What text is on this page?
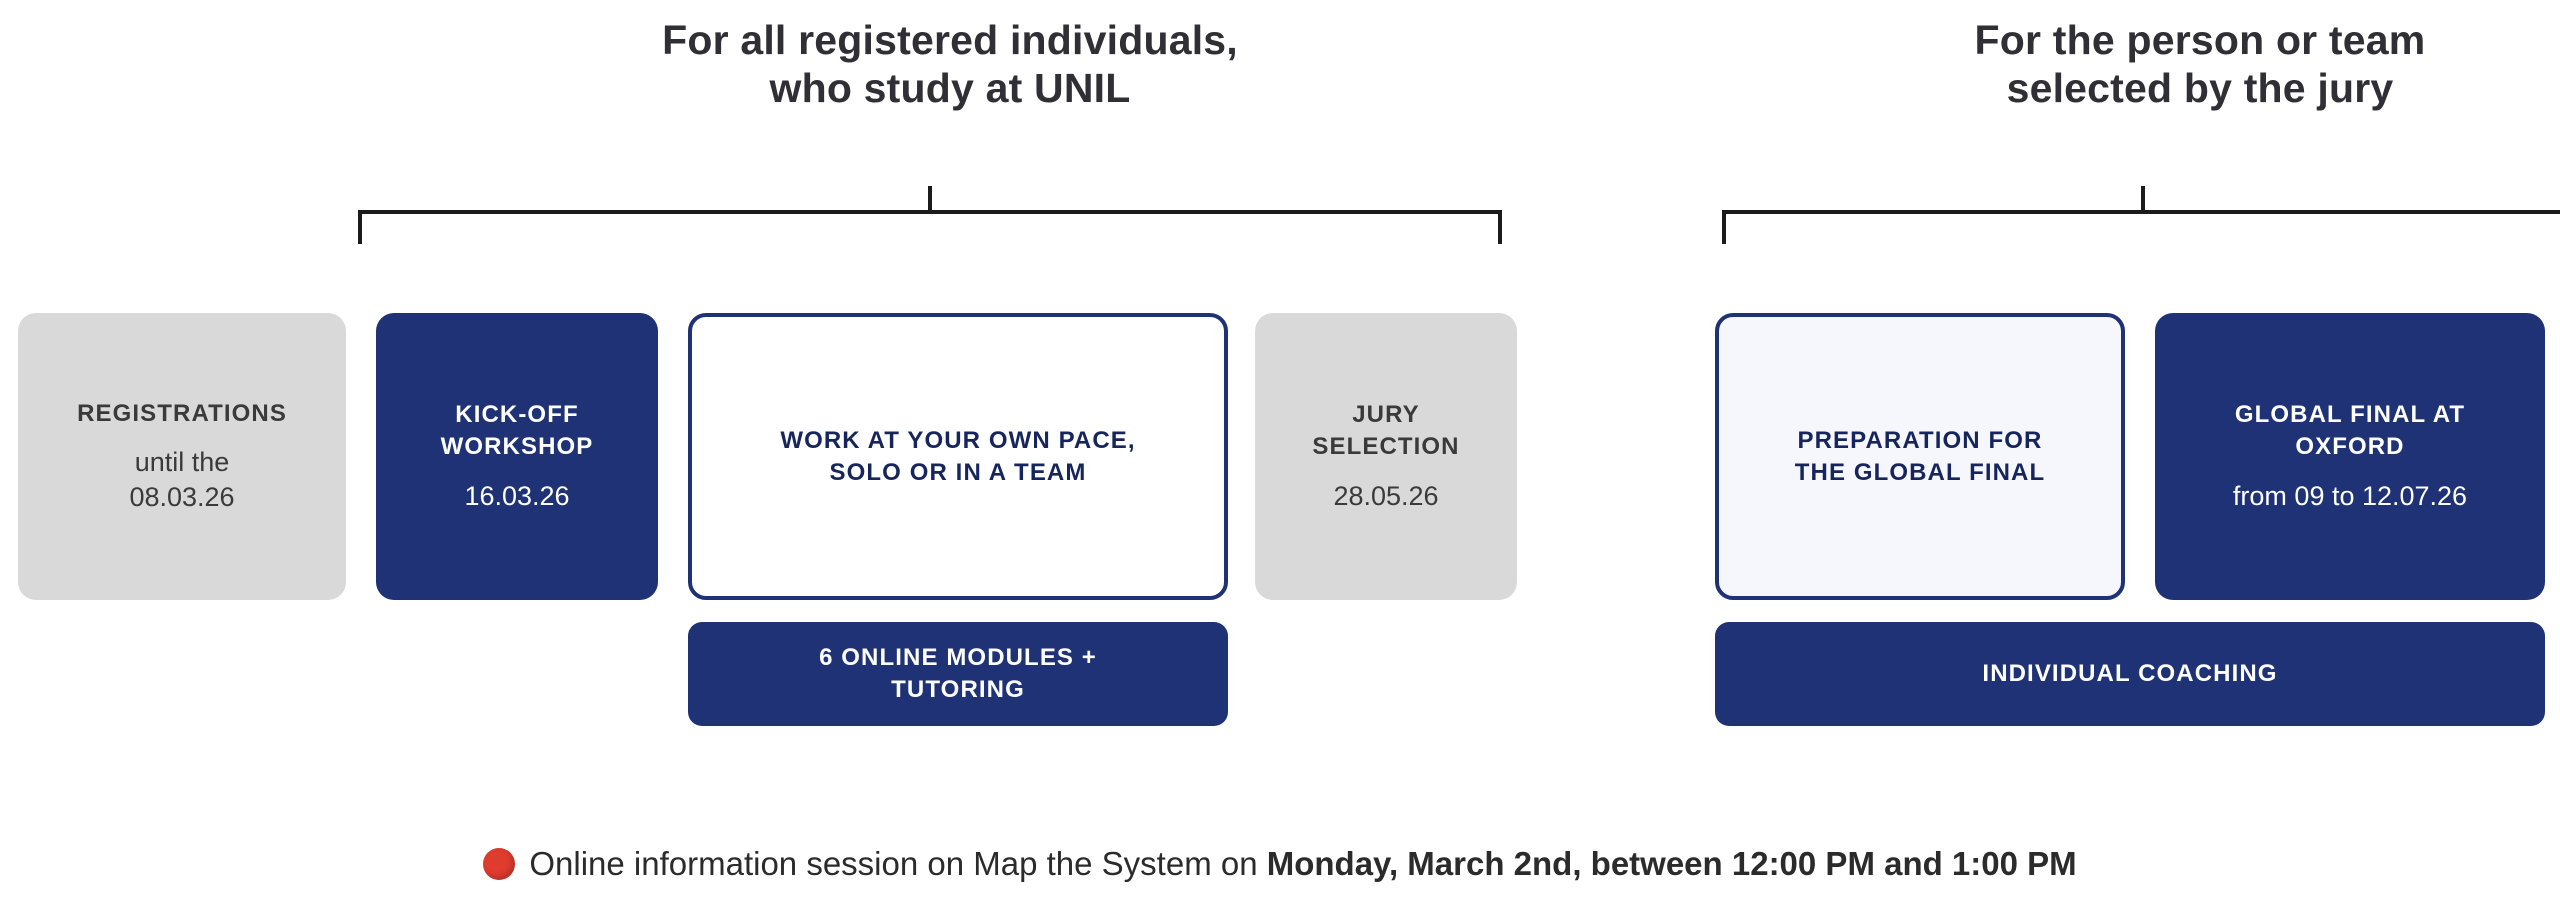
For all registered individuals,
who study at UNIL
For the person or team
selected by the jury
REGISTRATIONS
until the
08.03.26
KICK-OFF
WORKSHOP
16.03.26
WORK AT YOUR OWN PACE,
SOLO OR IN A TEAM
JURY
SELECTION
28.05.26
PREPARATION FOR
THE GLOBAL FINAL
GLOBAL FINAL AT
OXFORD
from 09 to 12.07.26
6 ONLINE MODULES +
TUTORING
INDIVIDUAL COACHING
Online information session on Map the System on Monday, March 2nd, between 12:00 PM and 1:00 PM
